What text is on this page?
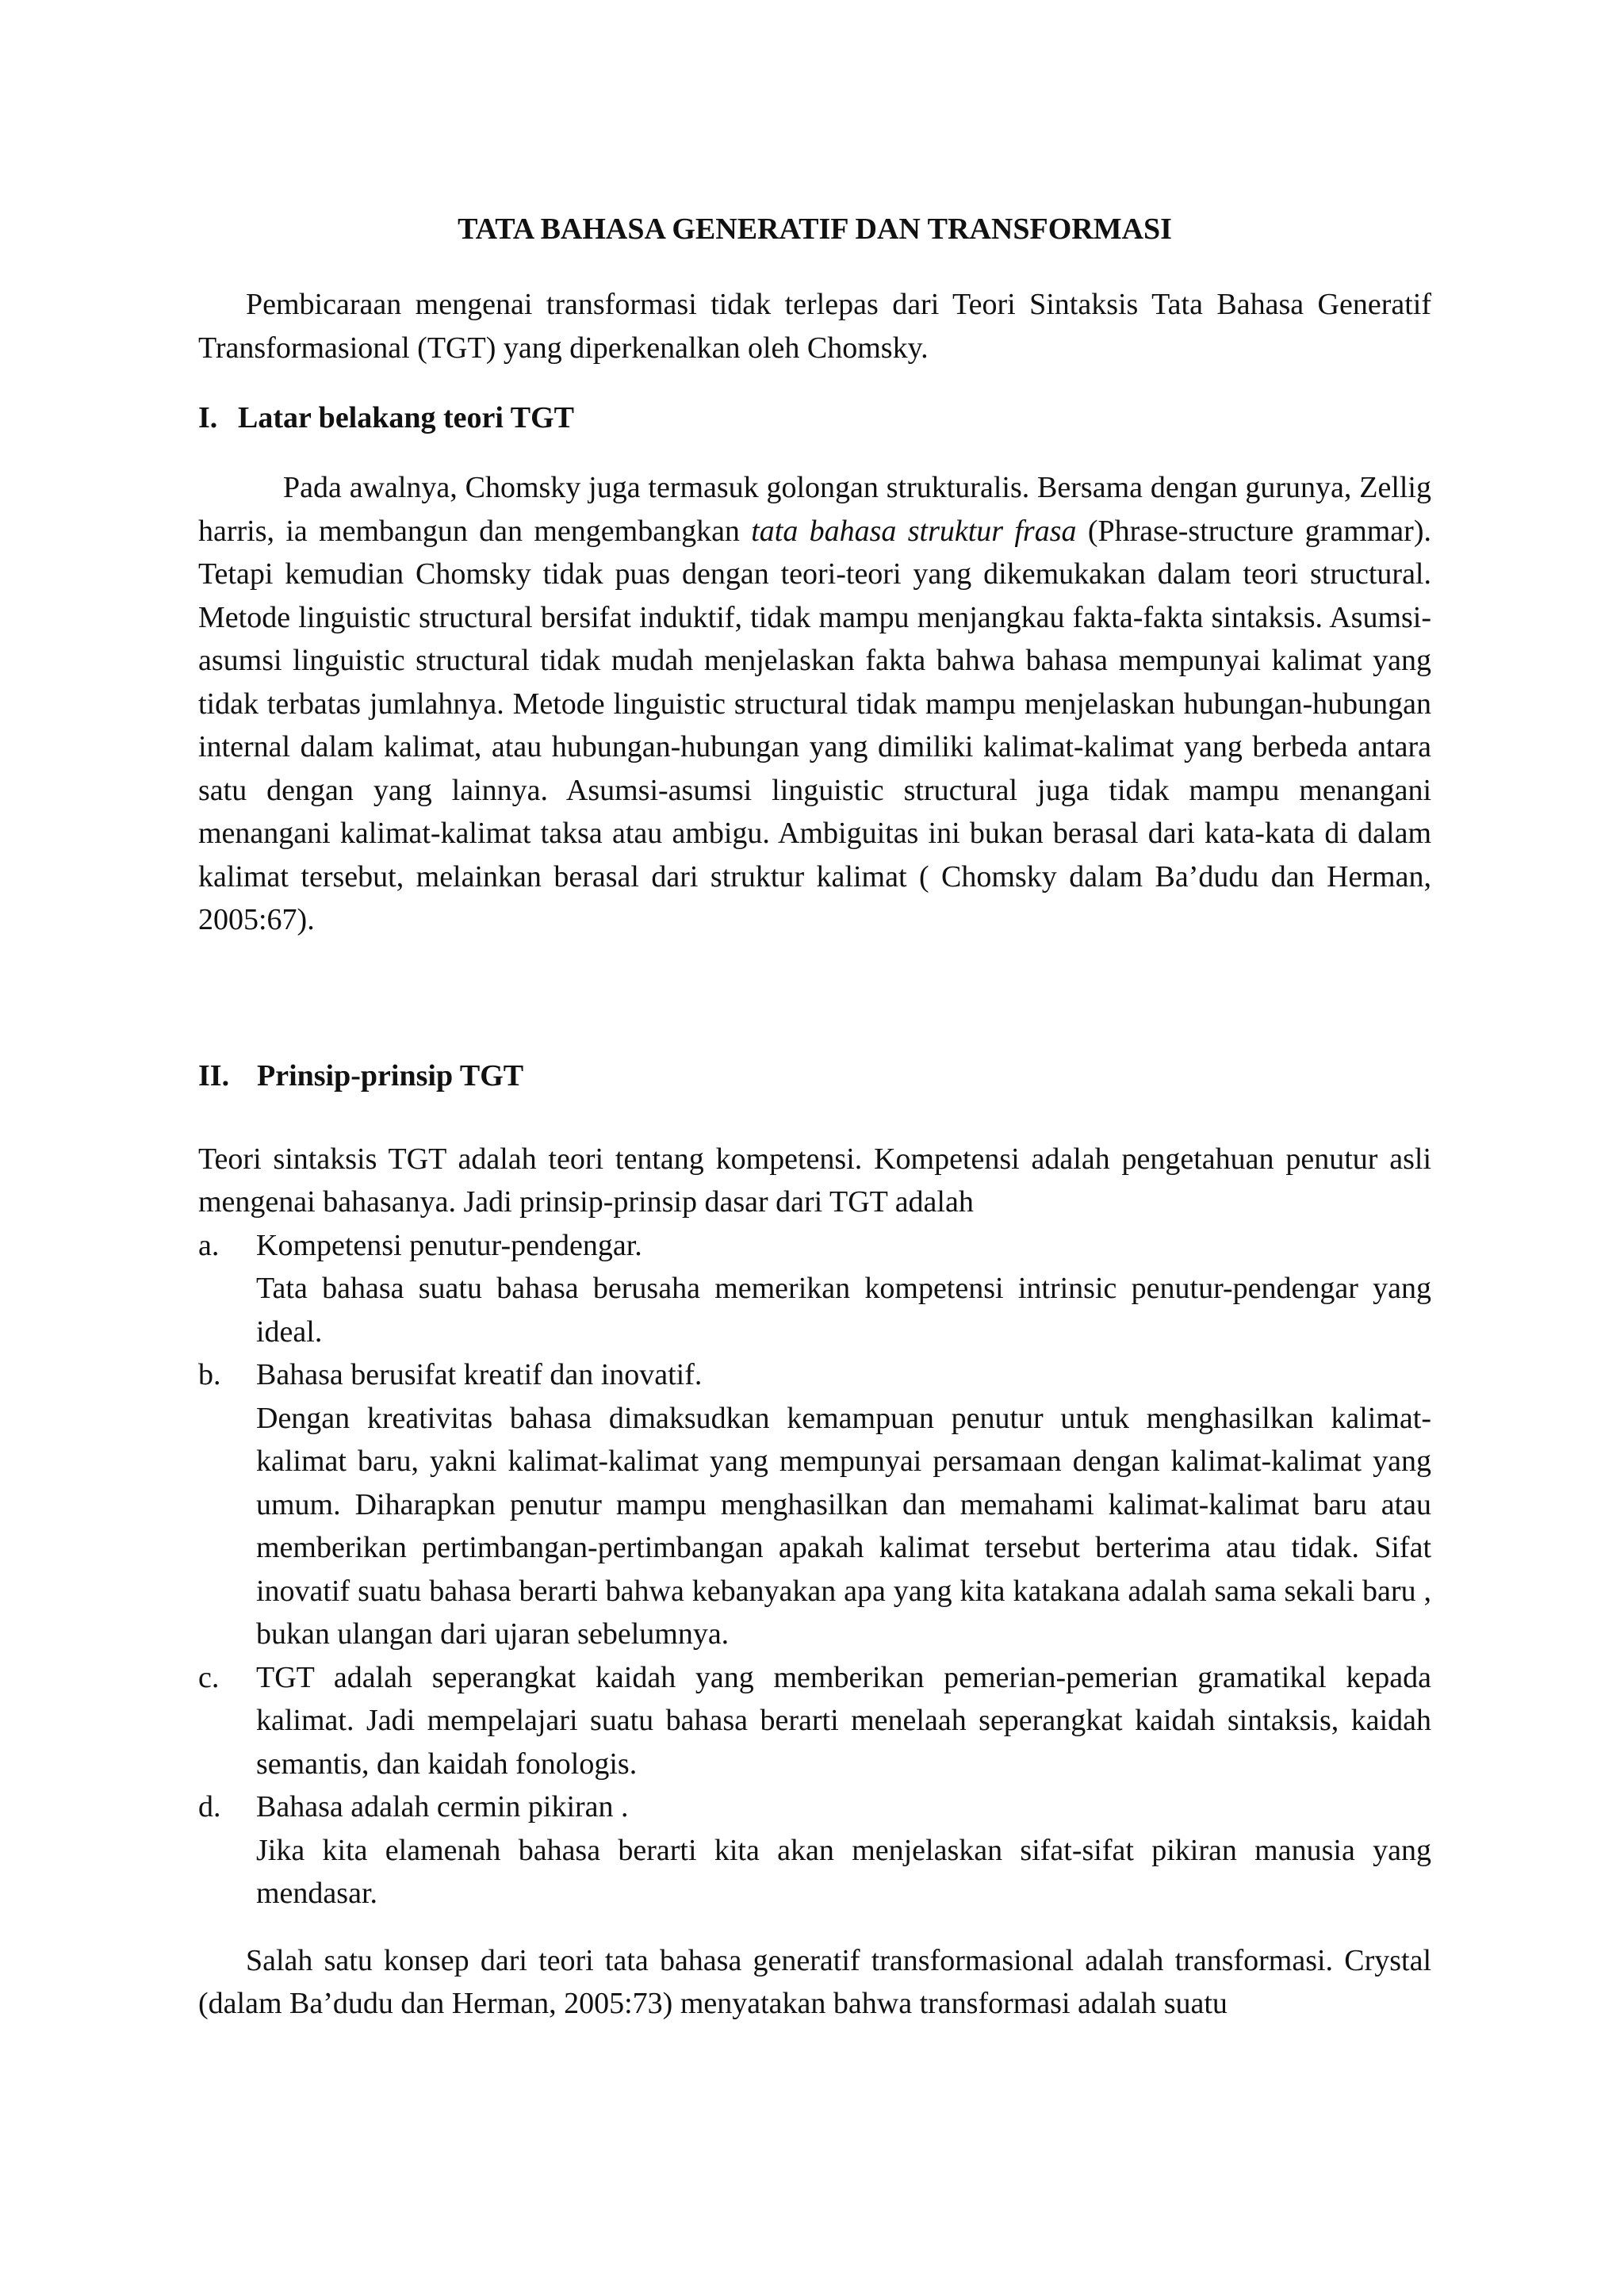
TATA BAHASA GENERATIF DAN TRANSFORMASI

Pembicaraan mengenai transformasi tidak terlepas dari Teori Sintaksis Tata Bahasa Generatif Transformasional (TGT) yang diperkenalkan oleh Chomsky.

I. Latar belakang teori TGT

Pada awalnya, Chomsky juga termasuk golongan strukturalis. Bersama dengan gurunya, Zellig harris, ia membangun dan mengembangkan tata bahasa struktur frasa (Phrase-structure grammar). Tetapi kemudian Chomsky tidak puas dengan teori-teori yang dikemukakan dalam teori structural. Metode linguistic structural bersifat induktif, tidak mampu menjangkau fakta-fakta sintaksis. Asumsi-asumsi linguistic structural tidak mudah menjelaskan fakta bahwa bahasa mempunyai kalimat yang tidak terbatas jumlahnya. Metode linguistic structural tidak mampu menjelaskan hubungan-hubungan internal dalam kalimat, atau hubungan-hubungan yang dimiliki kalimat-kalimat yang berbeda antara satu dengan yang lainnya. Asumsi-asumsi linguistic structural juga tidak mampu menangani menangani kalimat-kalimat taksa atau ambigu. Ambiguitas ini bukan berasal dari kata-kata di dalam kalimat tersebut, melainkan berasal dari struktur kalimat ( Chomsky dalam Ba’dudu dan Herman, 2005:67).

II. Prinsip-prinsip TGT

Teori sintaksis TGT adalah teori tentang kompetensi. Kompetensi adalah pengetahuan penutur asli mengenai bahasanya. Jadi prinsip-prinsip dasar dari TGT adalah

a. Kompetensi penutur-pendengar.

Tata bahasa suatu bahasa berusaha memerikan kompetensi intrinsic penutur-pendengar yang ideal.

b. Bahasa berusifat kreatif dan inovatif.

Dengan kreativitas bahasa dimaksudkan kemampuan penutur untuk menghasilkan kalimat-kalimat baru, yakni kalimat-kalimat yang mempunyai persamaan dengan kalimat-kalimat yang umum. Diharapkan penutur mampu menghasilkan dan memahami kalimat-kalimat baru atau memberikan pertimbangan-pertimbangan apakah kalimat tersebut berterima atau tidak. Sifat inovatif suatu bahasa berarti bahwa kebanyakan apa yang kita katakana adalah sama sekali baru , bukan ulangan dari ujaran sebelumnya.

c. TGT adalah seperangkat kaidah yang memberikan pemerian-pemerian gramatikal kepada kalimat. Jadi mempelajari suatu bahasa berarti menelaah seperangkat kaidah sintaksis, kaidah semantis, dan kaidah fonologis.

d. Bahasa adalah cermin pikiran .

Jika kita elamenah bahasa berarti kita akan menjelaskan sifat-sifat pikiran manusia yang mendasar.

Salah satu konsep dari teori tata bahasa generatif transformasional adalah transformasi. Crystal (dalam Ba’dudu dan Herman, 2005:73) menyatakan bahwa transformasi adalah suatu
